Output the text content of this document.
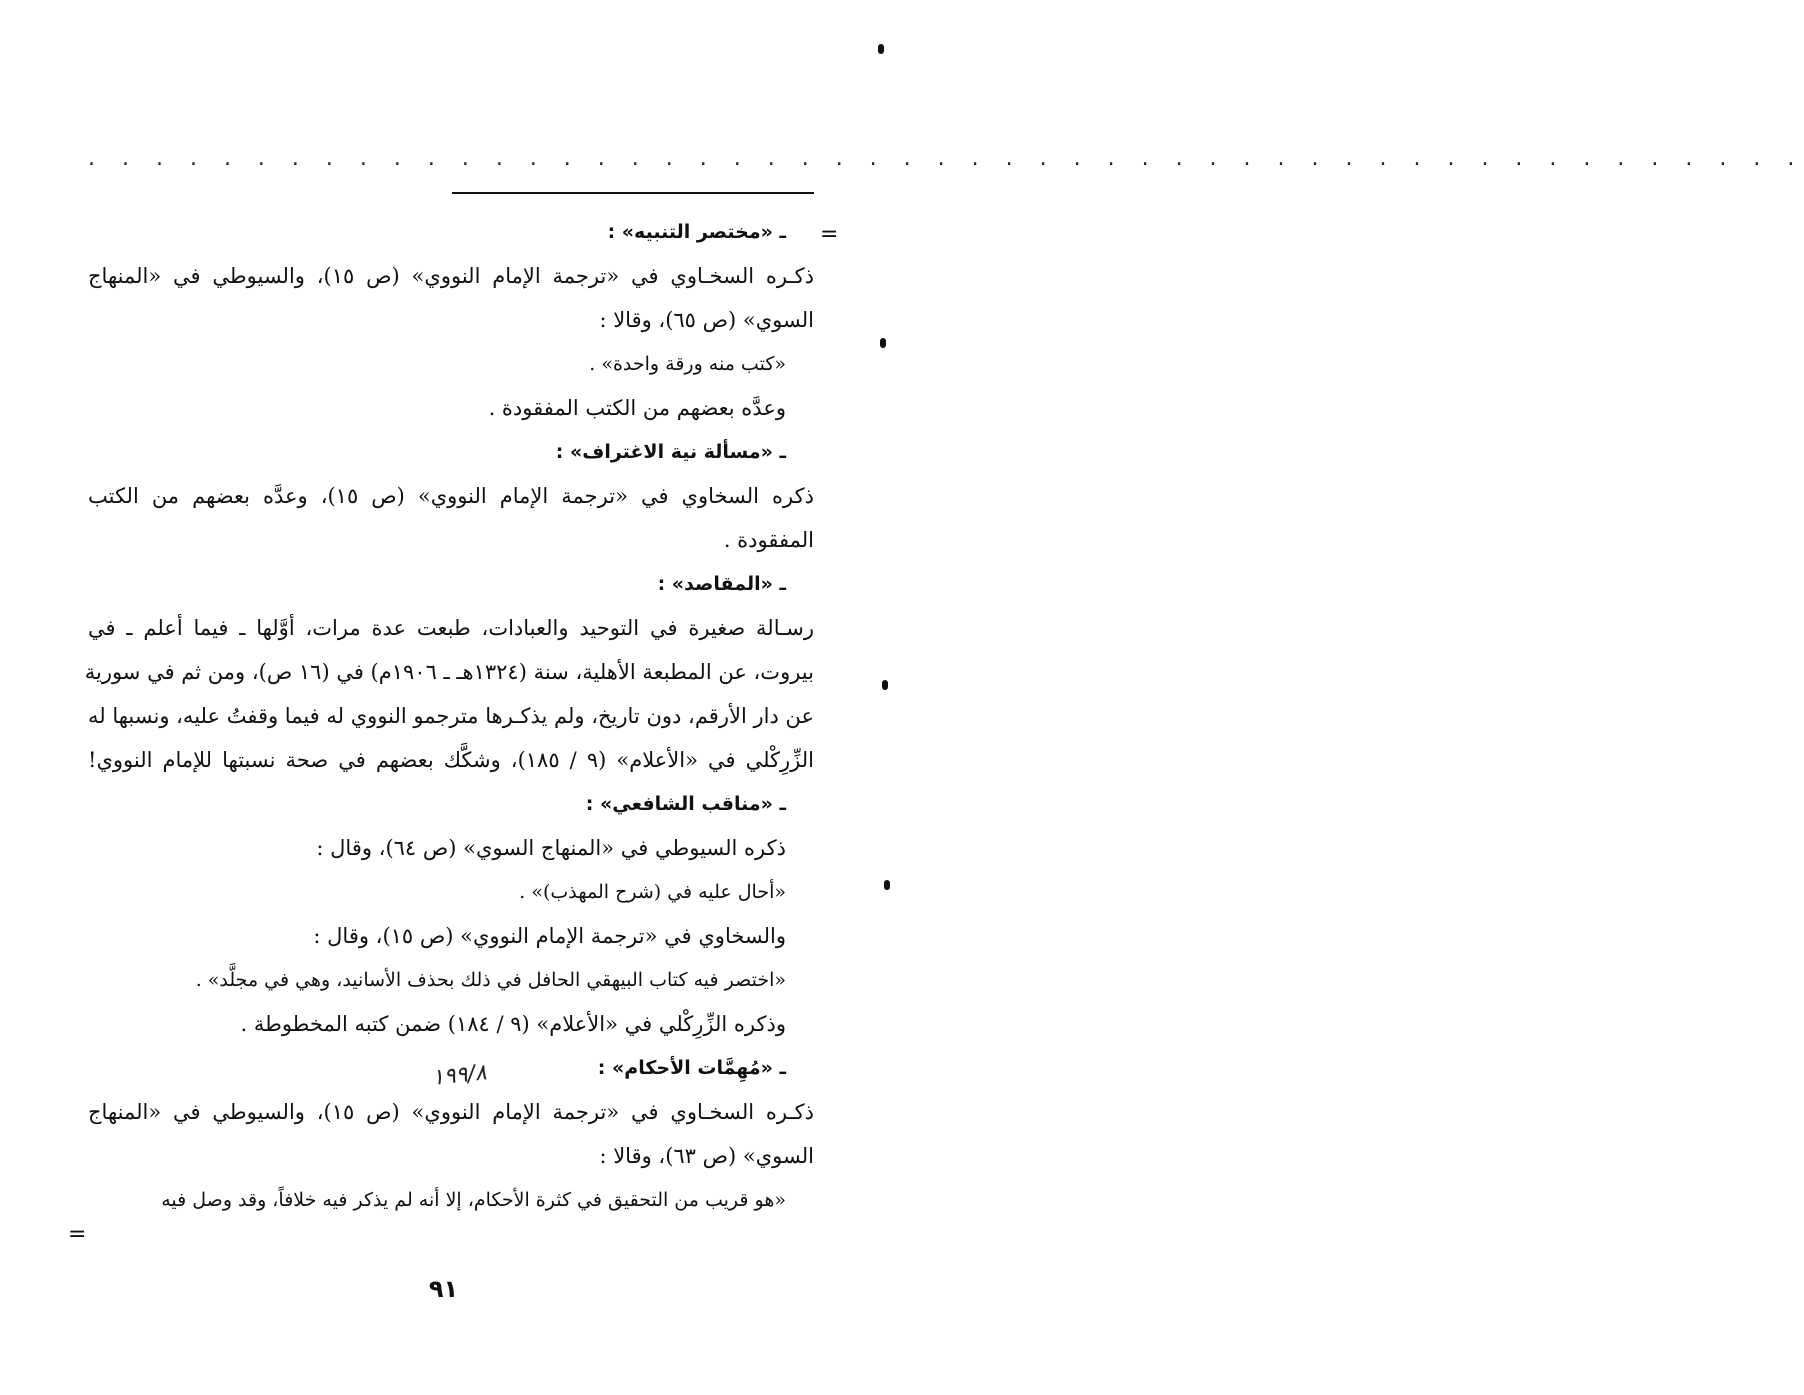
. . . . . . . . . . . . . . . . . . . . . . . . . . . . . . . . . . . . . . . . . . . . . . . . . . .
=
ـ «مختصر التنبيه» :
ذكـره السخـاوي في «ترجمة الإمام النووي» (ص ١٥)، والسيوطي في «المنهاج
السوي» (ص ٦٥)، وقالا :
«كتب منه ورقة واحدة» .
وعدَّه بعضهم من الكتب المفقودة .
ـ «مسألة نية الاغتراف» :
ذكره السخاوي في «ترجمة الإمام النووي» (ص ١٥)، وعدَّه بعضهم من الكتب
المفقودة .
ـ «المقاصد» :
رسـالة صغيرة في التوحيد والعبادات، طبعت عدة مرات، أوَّلها ـ فيما أعلم ـ في
بيروت، عن المطبعة الأهلية، سنة (١٣٢٤هـ ـ ١٩٠٦م) في (١٦ ص)، ومن ثم في سورية
عن دار الأرقم، دون تاريخ، ولم يذكـرها مترجمو النووي له فيما وقفتُ عليه، ونسبها له
الزِّرِكْلي في «الأعلام» (٩ / ١٨٥)، وشكَّك بعضهم في صحة نسبتها للإمام النووي!
ـ «مناقب الشافعي» :
ذكره السيوطي في «المنهاج السوي» (ص ٦٤)، وقال :
«أحال عليه في (شرح المهذب)» .
والسخاوي في «ترجمة الإمام النووي» (ص ١٥)، وقال :
«اختصر فيه كتاب البيهقي الحافل في ذلك بحذف الأسانيد، وهي في مجلَّد» .
وذكره الزِّرِكْلي في «الأعلام» (٩ / ١٨٤) ضمن كتبه المخطوطة .
ـ «مُهِمَّات الأحكام» :
ذكـره السخـاوي في «ترجمة الإمام النووي» (ص ١٥)، والسيوطي في «المنهاج
السوي» (ص ٦٣)، وقالا :
«هو قريب من التحقيق في كثرة الأحكام، إلا أنه لم يذكر فيه خلافاً، وقد وصل فيه
١٩٩/٨
=
٩١
